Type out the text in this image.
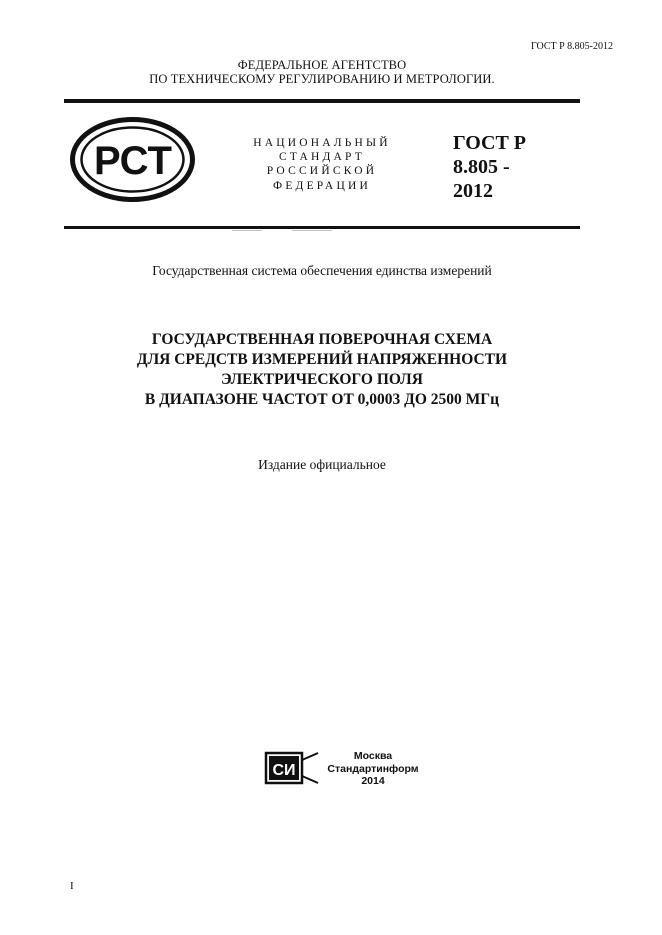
ГОСТ Р 8.805-2012
ФЕДЕРАЛЬНОЕ АГЕНТСТВО
ПО ТЕХНИЧЕСКОМУ РЕГУЛИРОВАНИЮ И МЕТРОЛОГИИ.
РСТ	НАЦИОНАЛЬНЫЙ
СТАНДАРТ
РОССИЙСКОЙ
ФЕДЕРАЦИИ
ГОСТ Р
8.805 -
2012
Государственная система обеспечения единства измерений
ГОСУДАРСТВЕННАЯ ПОВЕРОЧНАЯ СХЕМА
ДЛЯ СРЕДСТВ ИЗМЕРЕНИЙ НАПРЯЖЕННОСТИ
ЭЛЕКТРИЧЕСКОГО ПОЛЯ
В ДИАПАЗОНЕ ЧАСТОТ ОТ 0,0003 ДО 2500 МГц
Издание официальное
СИ
Москва
Стандартинформ
2014
I
